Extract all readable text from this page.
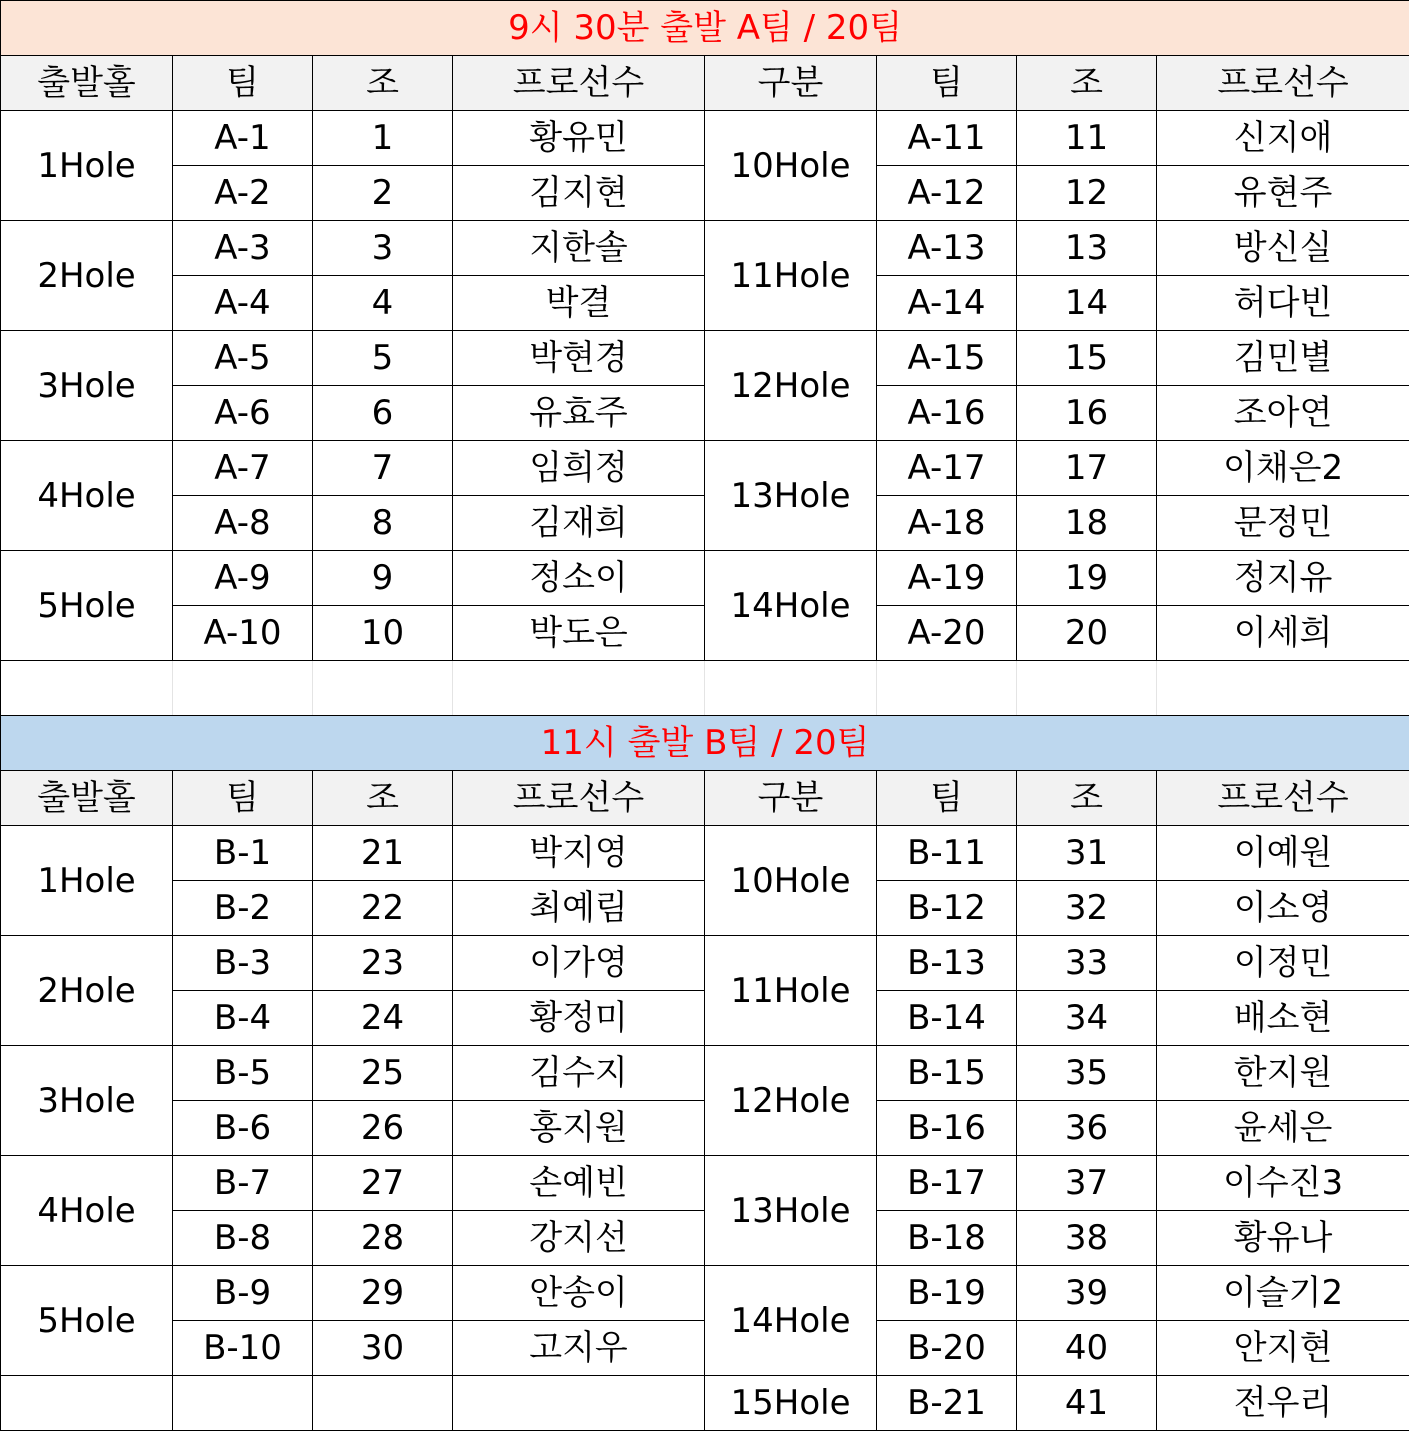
9시 30분 출발 A팀 / 20팀							
출발홀	팀	조	프로선수	구분	팀	조	프로선수
1Hole	A-1	1	황유민	10Hole	A-11	11	신지애
	A-2	2	김지현		A-12	12	유현주
2Hole	A-3	3	지한솔	11Hole	A-13	13	방신실
	A-4	4	박결		A-14	14	허다빈
3Hole	A-5	5	박현경	12Hole	A-15	15	김민별
	A-6	6	유효주		A-16	16	조아연
4Hole	A-7	7	임희정	13Hole	A-17	17	이채은2
	A-8	8	김재희		A-18	18	문정민
5Hole	A-9	9	정소이	14Hole	A-19	19	정지유
	A-10	10	박도은		A-20	20	이세희

11시 출발 B팀 / 20팀							
출발홀	팀	조	프로선수	구분	팀	조	프로선수
1Hole	B-1	21	박지영	10Hole	B-11	31	이예원
	B-2	22	최예림		B-12	32	이소영
2Hole	B-3	23	이가영	11Hole	B-13	33	이정민
	B-4	24	황정미		B-14	34	배소현
3Hole	B-5	25	김수지	12Hole	B-15	35	한지원
	B-6	26	홍지원		B-16	36	윤세은
4Hole	B-7	27	손예빈	13Hole	B-17	37	이수진3
	B-8	28	강지선		B-18	38	황유나
5Hole	B-9	29	안송이	14Hole	B-19	39	이슬기2
	B-10	30	고지우		B-20	40	안지현
				15Hole	B-21	41	전우리
